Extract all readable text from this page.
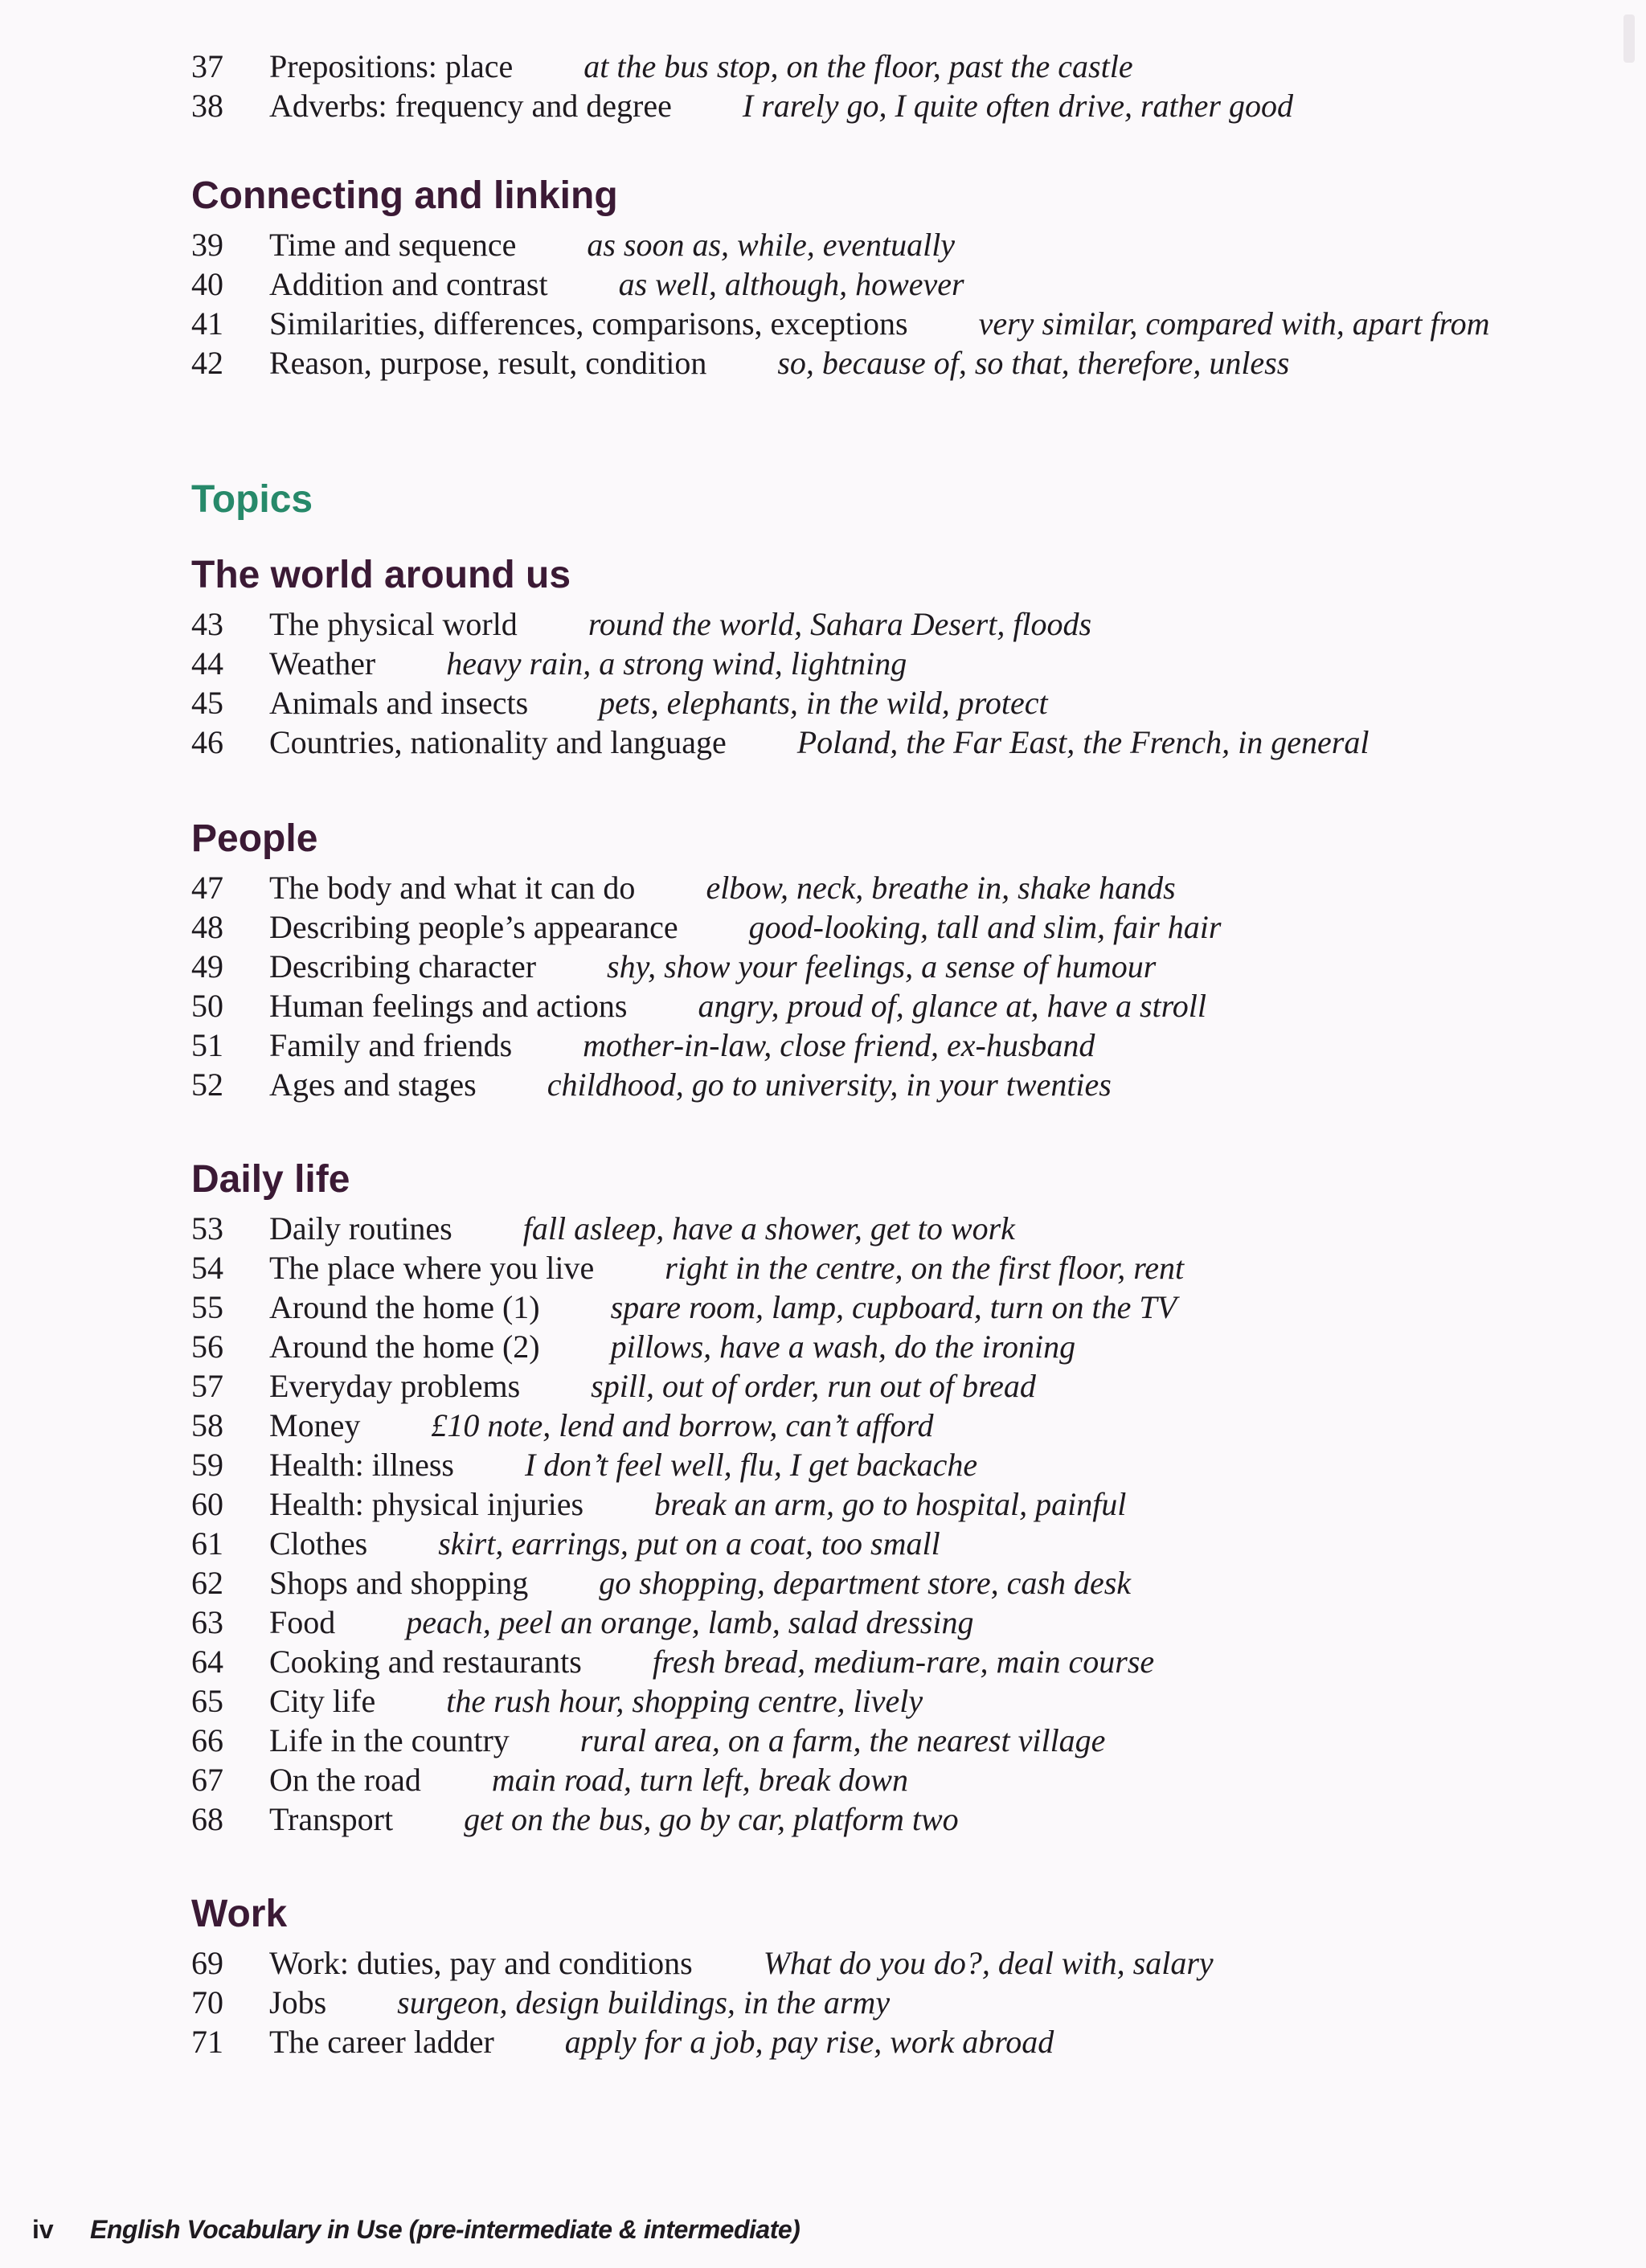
37 Prepositions: place at the bus stop, on the floor, past the castle
38 Adverbs: frequency and degree I rarely go, I quite often drive, rather good
Connecting and linking
39 Time and sequence as soon as, while, eventually
40 Addition and contrast as well, although, however
41 Similarities, differences, comparisons, exceptions very similar, compared with, apart from
42 Reason, purpose, result, condition so, because of, so that, therefore, unless
Topics
The world around us
43 The physical world round the world, Sahara Desert, floods
44 Weather heavy rain, a strong wind, lightning
45 Animals and insects pets, elephants, in the wild, protect
46 Countries, nationality and language Poland, the Far East, the French, in general
People
47 The body and what it can do elbow, neck, breathe in, shake hands
48 Describing people’s appearance good-looking, tall and slim, fair hair
49 Describing character shy, show your feelings, a sense of humour
50 Human feelings and actions angry, proud of, glance at, have a stroll
51 Family and friends mother-in-law, close friend, ex-husband
52 Ages and stages childhood, go to university, in your twenties
Daily life
53 Daily routines fall asleep, have a shower, get to work
54 The place where you live right in the centre, on the first floor, rent
55 Around the home (1) spare room, lamp, cupboard, turn on the TV
56 Around the home (2) pillows, have a wash, do the ironing
57 Everyday problems spill, out of order, run out of bread
58 Money £10 note, lend and borrow, can’t afford
59 Health: illness I don’t feel well, flu, I get backache
60 Health: physical injuries break an arm, go to hospital, painful
61 Clothes skirt, earrings, put on a coat, too small
62 Shops and shopping go shopping, department store, cash desk
63 Food peach, peel an orange, lamb, salad dressing
64 Cooking and restaurants fresh bread, medium-rare, main course
65 City life the rush hour, shopping centre, lively
66 Life in the country rural area, on a farm, the nearest village
67 On the road main road, turn left, break down
68 Transport get on the bus, go by car, platform two
Work
69 Work: duties, pay and conditions What do you do?, deal with, salary
70 Jobs surgeon, design buildings, in the army
71 The career ladder apply for a job, pay rise, work abroad
iv English Vocabulary in Use (pre-intermediate & intermediate)
